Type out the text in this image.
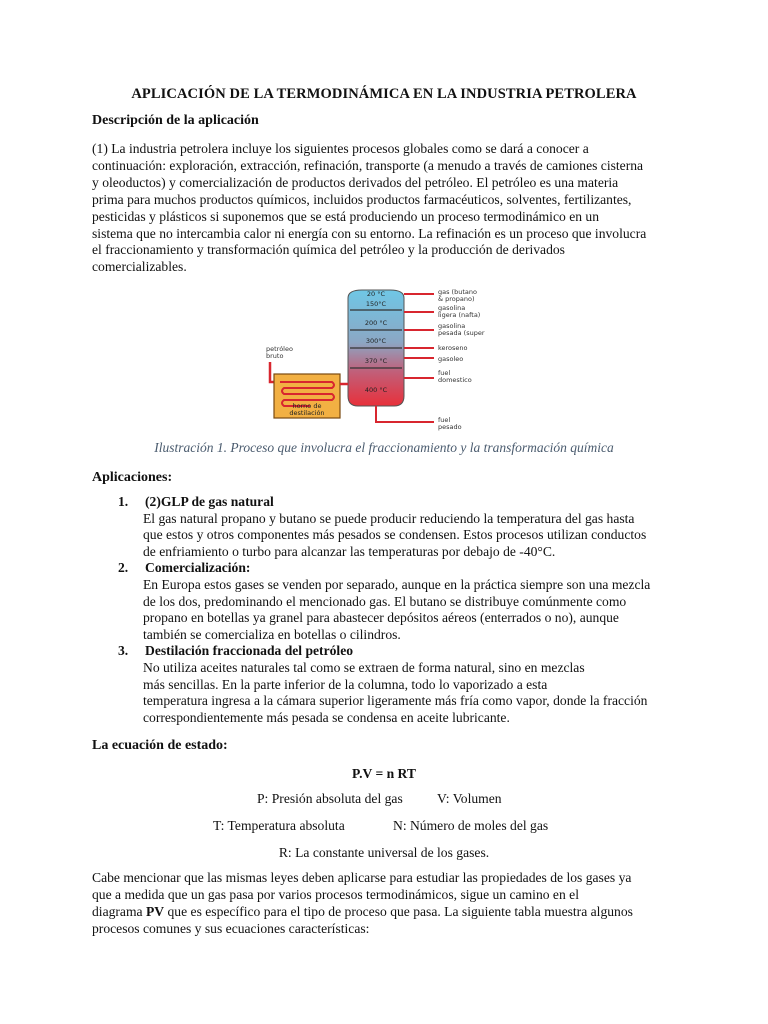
APLICACIÓN DE LA TERMODINÁMICA EN LA INDUSTRIA PETROLERA
Descripción de la aplicación
(1) La industria petrolera incluye los siguientes procesos globales como se dará a conocer a
continuación: exploración, extracción, refinación, transporte (a menudo a través de camiones cisterna
y oleoductos) y comercialización de productos derivados del petróleo. El petróleo es una materia
prima para muchos productos químicos, incluidos productos farmacéuticos, solventes, fertilizantes,
pesticidas y plásticos si suponemos que se está produciendo un proceso termodinámico en un
sistema que no intercambia calor ni energía con su entorno. La refinación es un proceso que involucra
el fraccionamiento y transformación química del petróleo y la producción de derivados
comercializables.
20 °C
150°C
200 °C
300°C
370 °C
400 °C
gas (butano
& propano)
gasolina
ligera (nafta)
gasolina
pesada (super
keroseno
gasoleo
fuel
domestico
fuel
pesado
petróleo
bruto
horno de
destilación
Ilustración 1. Proceso que involucra el fraccionamiento y la transformación química
Aplicaciones:
1.	(2)GLP de gas natural
El gas natural propano y butano se puede producir reduciendo la temperatura del gas hasta
que estos y otros componentes más pesados se condensen. Estos procesos utilizan conductos
de enfriamiento o turbo para alcanzar las temperaturas por debajo de -40°C.
2.	Comercialización:
En Europa estos gases se venden por separado, aunque en la práctica siempre son una mezcla
de los dos, predominando el mencionado gas. El butano se distribuye comúnmente como
propano en botellas ya granel para abastecer depósitos aéreos (enterrados o no), aunque
también se comercializa en botellas o cilindros.
3.	Destilación fraccionada del petróleo
No utiliza aceites naturales tal como se extraen de forma natural, sino en mezclas
más sencillas. En la parte inferior de la columna, todo lo vaporizado a esta
temperatura ingresa a la cámara superior ligeramente más fría como vapor, donde la fracción
correspondientemente más pesada se condensa en aceite lubricante.
La ecuación de estado:
P.V = n RT
P: Presión absoluta del gas	V: Volumen
T: Temperatura absoluta	N: Número de moles del gas
R: La constante universal de los gases.
Cabe mencionar que las mismas leyes deben aplicarse para estudiar las propiedades de los gases ya
que a medida que un gas pasa por varios procesos termodinámicos, sigue un camino en el
diagrama PV que es específico para el tipo de proceso que pasa. La siguiente tabla muestra algunos
procesos comunes y sus ecuaciones características:
